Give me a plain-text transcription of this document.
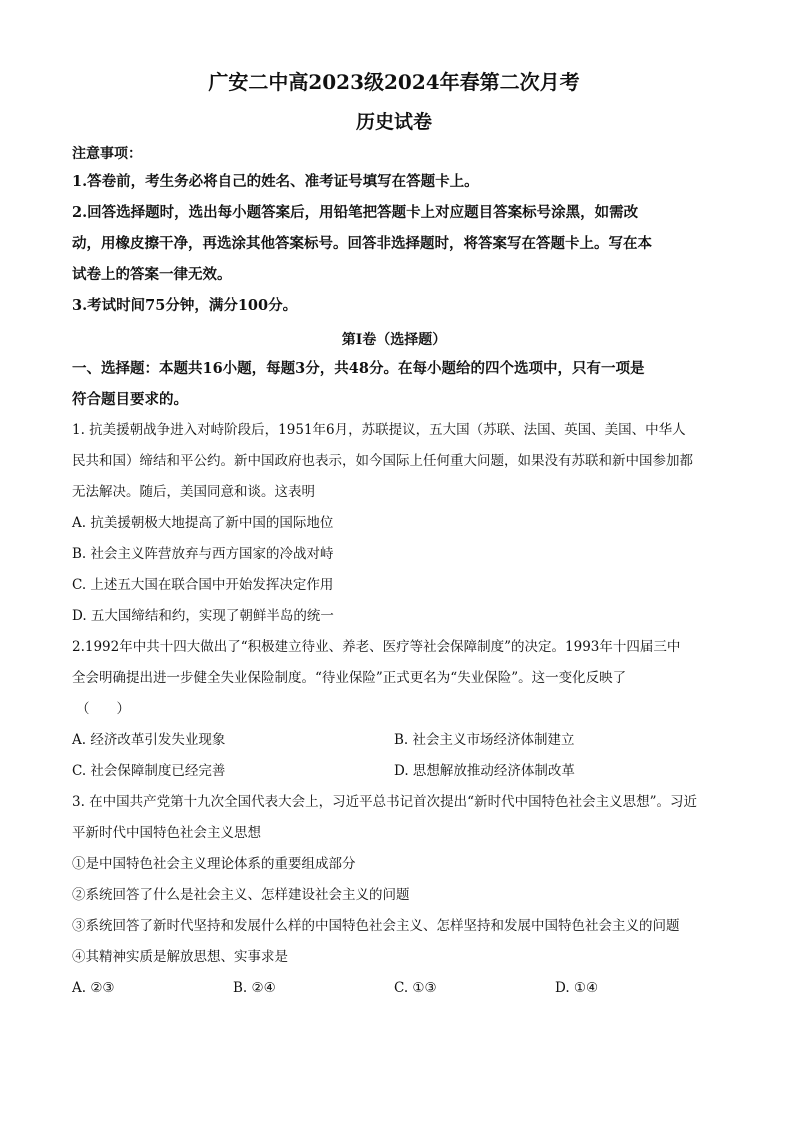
广安二中高2023级2024年春第二次月考
历史试卷
注意事项：

1.答卷前，考生务必将自己的姓名、准考证号填写在答题卡上。

2.回答选择题时，选出每小题答案后，用铅笔把答题卡上对应题目答案标号涂黑，如需改

动，用橡皮擦干净，再选涂其他答案标号。回答非选择题时，将答案写在答题卡上。写在本

试卷上的答案一律无效。

3.考试时间75分钟，满分100分。

第Ⅰ卷（选择题）

一、选择题：本题共16小题，每题3分，共48分。在每小题给的四个选项中，只有一项是

符合题目要求的。

1. 抗美援朝战争进入对峙阶段后，1951年6月，苏联提议，五大国（苏联、法国、英国、美国、中华人
民共和国）缔结和平公约。新中国政府也表示，如今国际上任何重大问题，如果没有苏联和新中国参加都
无法解决。随后，美国同意和谈。这表明
A. 抗美援朝极大地提高了新中国的国际地位
B. 社会主义阵营放弃与西方国家的冷战对峙
C. 上述五大国在联合国中开始发挥决定作用
D. 五大国缔结和约，实现了朝鲜半岛的统一
2.1992年中共十四大做出了“积极建立待业、养老、医疗等社会保障制度”的决定。1993年十四届三中
全会明确提出进一步健全失业保险制度。“待业保险”正式更名为“失业保险”。这一变化反映了
（　　）
A. 经济改革引发失业现象	B. 社会主义市场经济体制建立
C. 社会保障制度已经完善	D. 思想解放推动经济体制改革
3. 在中国共产党第十九次全国代表大会上，习近平总书记首次提出“新时代中国特色社会主义思想”。习近
平新时代中国特色社会主义思想
①是中国特色社会主义理论体系的重要组成部分
②系统回答了什么是社会主义、怎样建设社会主义的问题
③系统回答了新时代坚持和发展什么样的中国特色社会主义、怎样坚持和发展中国特色社会主义的问题
④其精神实质是解放思想、实事求是
A. ②③	B. ②④	C. ①③	D. ①④
